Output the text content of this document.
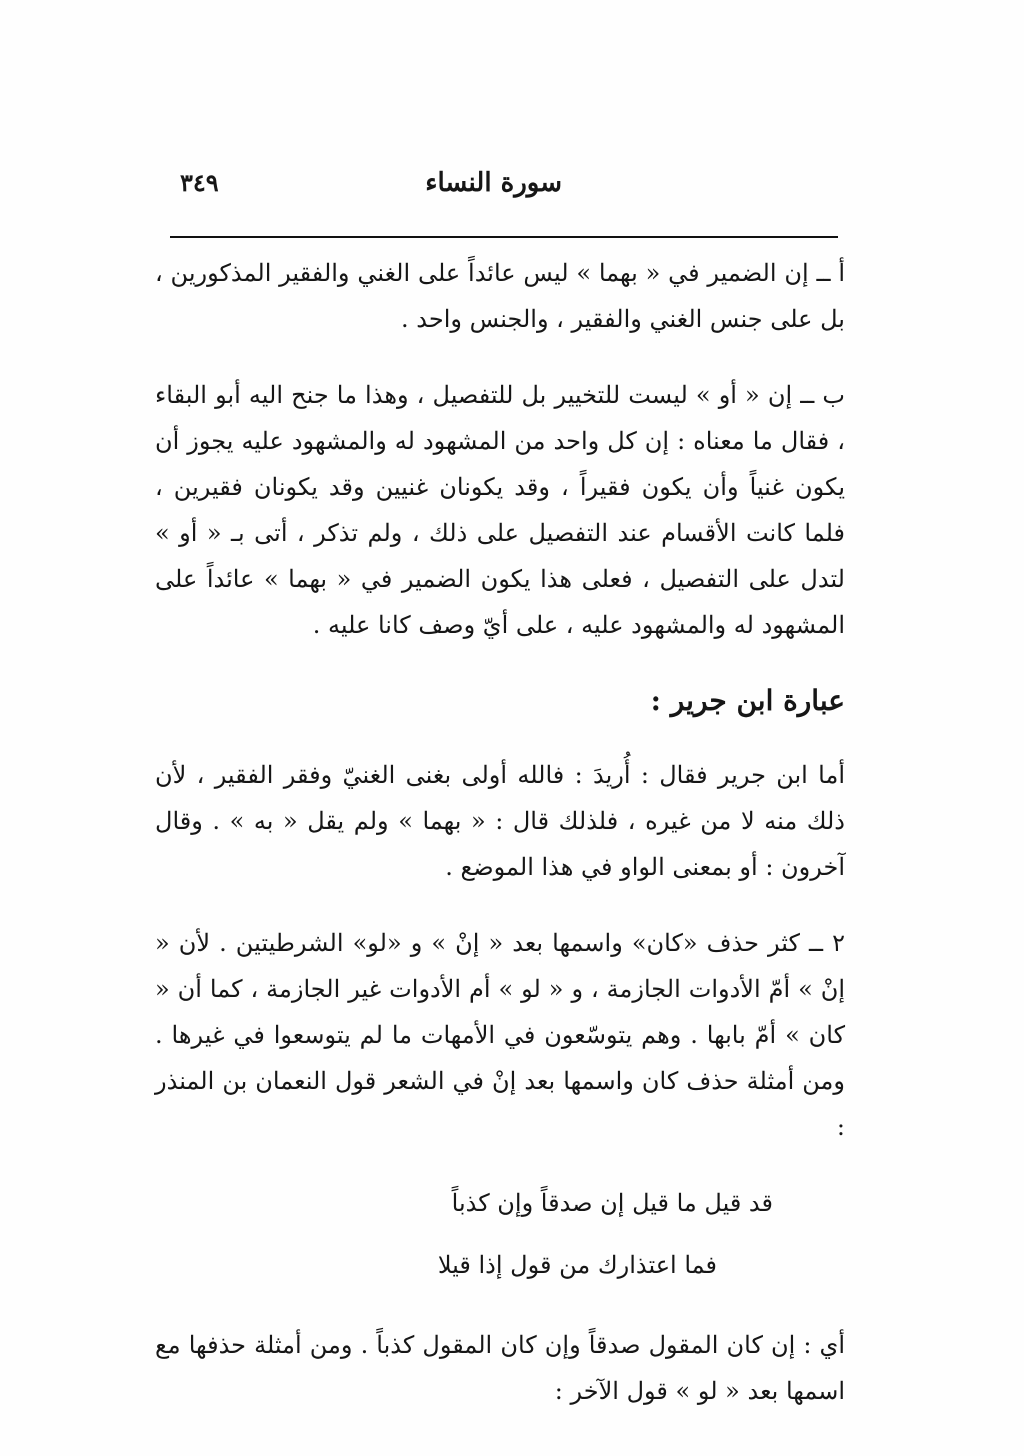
سورة النساء
٣٤٩

أ ــ إن الضمير في « بهما » ليس عائداً على الغني والفقير المذكورين ، بل على جنس الغني والفقير ، والجنس واحد .

ب ــ إن « أو » ليست للتخيير بل للتفصيل ، وهذا ما جنح اليه أبو البقاء ، فقال ما معناه : إن كل واحد من المشهود له والمشهود عليه يجوز أن يكون غنياً وأن يكون فقيراً ، وقد يكونان غنيين وقد يكونان فقيرين ، فلما كانت الأقسام عند التفصيل على ذلك ، ولم تذكر ، أتى بـ « أو » لتدل على التفصيل ، فعلى هذا يكون الضمير في « بهما » عائداً على المشهود له والمشهود عليه ، على أيّ وصف كانا عليه .

عبارة ابن جرير :

أما ابن جرير فقال : أُريدَ : فالله أولى بغنى الغنيّ وفقر الفقير ، لأن ذلك منه لا من غيره ، فلذلك قال : « بهما » ولم يقل « به » . وقال آخرون : أو بمعنى الواو في هذا الموضع .

٢ ــ كثر حذف «كان» واسمها بعد « إنْ » و «لو» الشرطيتين . لأن « إنْ » أمّ الأدوات الجازمة ، و « لو » أم الأدوات غير الجازمة ، كما أن « كان » أمّ بابها . وهم يتوسّعون في الأمهات ما لم يتوسعوا في غيرها . ومن أمثلة حذف كان واسمها بعد إنْ في الشعر قول النعمان بن المنذر :

قد قيل ما قيل إن صدقاً وإن كذباً
فما اعتذارك من قول إذا قيلا

أي : إن كان المقول صدقاً وإن كان المقول كذباً . ومن أمثلة حذفها مع اسمها بعد « لو » قول الآخر :
